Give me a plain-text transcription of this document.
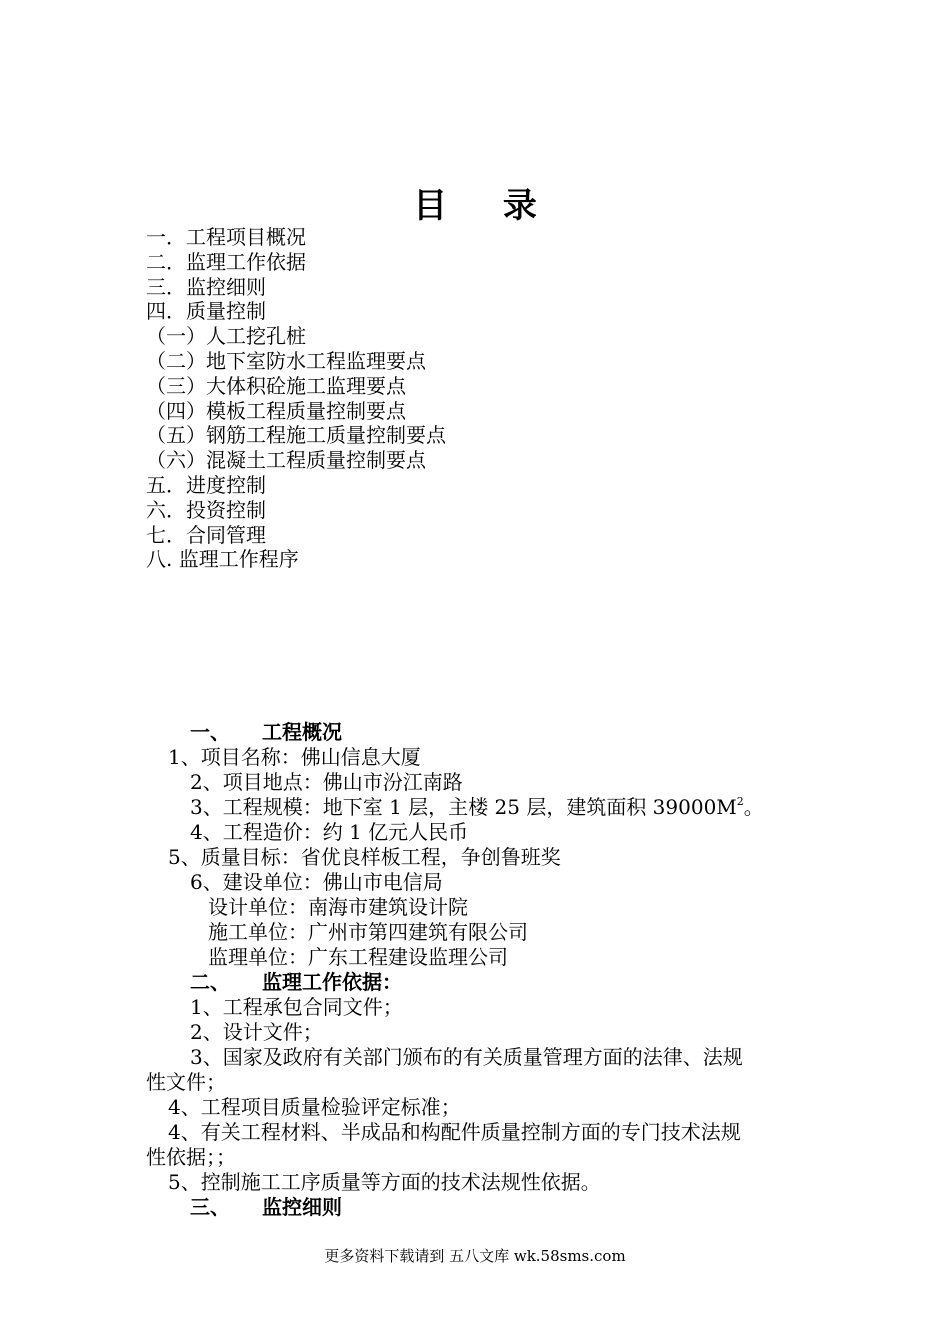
目 录
一．工程项目概况
二．监理工作依据
三．监控细则
四．质量控制
（一）人工挖孔桩
（二）地下室防水工程监理要点
（三）大体积砼施工监理要点
（四）模板工程质量控制要点
（五）钢筋工程施工质量控制要点
（六）混凝土工程质量控制要点
五．进度控制
六．投资控制
七．合同管理
八. 监理工作程序
一、 工程概况
1、项目名称：佛山信息大厦
2、项目地点：佛山市汾江南路
3、工程规模：地下室 1 层，主楼 25 层，建筑面积 $39000M^2$。
4、工程造价：约 1 亿元人民币
5、质量目标：省优良样板工程，争创鲁班奖
6、建设单位：佛山市电信局
设计单位：南海市建筑设计院
施工单位：广州市第四建筑有限公司
监理单位：广东工程建设监理公司
二、 监理工作依据：
1、工程承包合同文件；
2、设计文件；
3、国家及政府有关部门颁布的有关质量管理方面的法律、法规
性文件；
4、工程项目质量检验评定标准；
4、有关工程材料、半成品和构配件质量控制方面的专门技术法规
性依据；；
5、控制施工工序质量等方面的技术法规性依据。
三、 监控细则
更多资料下载请到 五八文库 wk.58sms.com
